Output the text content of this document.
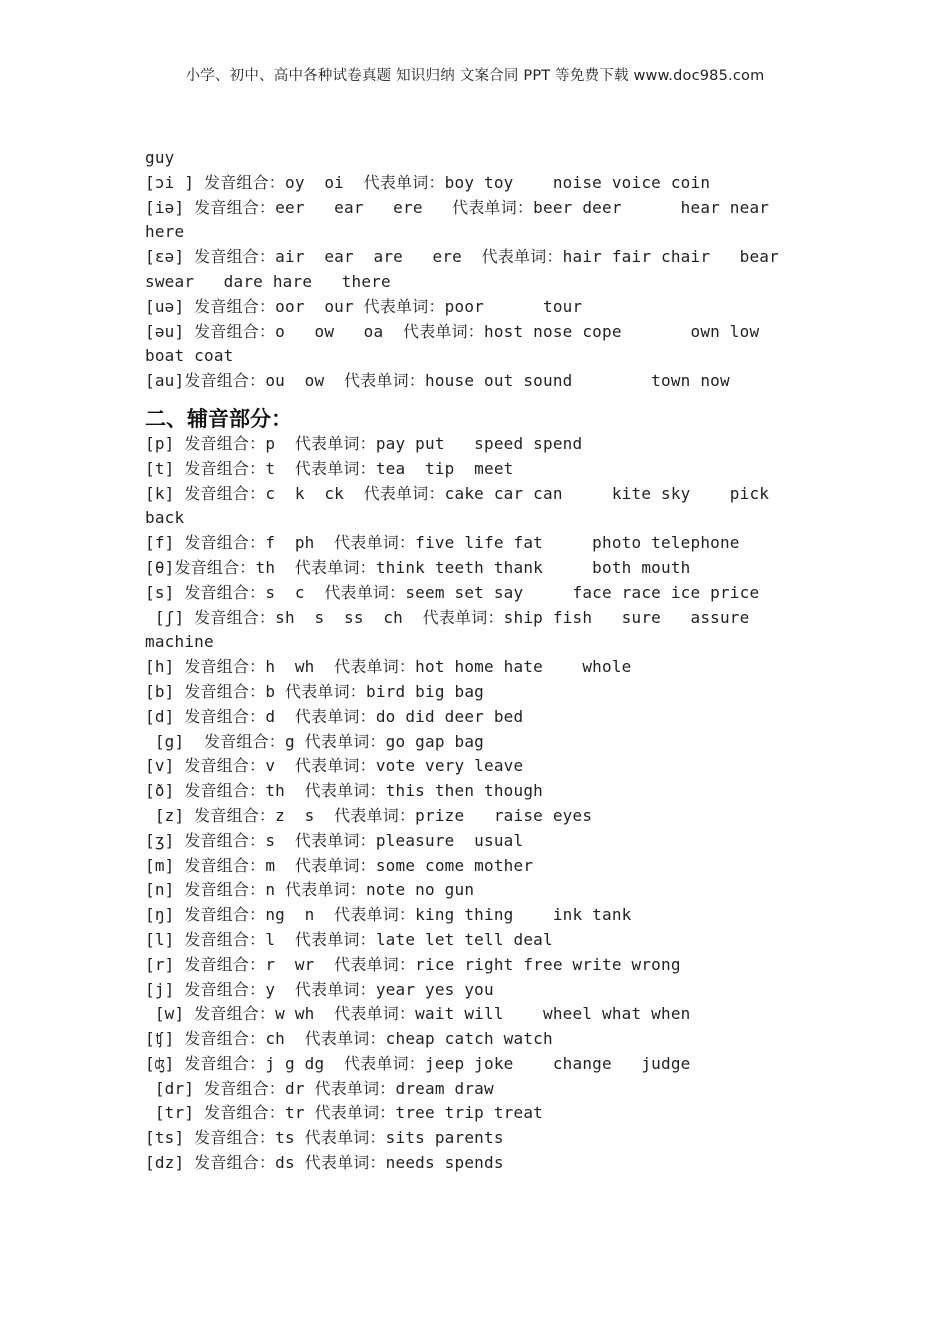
小学、初中、高中各种试卷真题 知识归纳 文案合同 PPT 等免费下载 www.doc985.com
guy
[ɔi ] 发音组合：oy  oi  代表单词：boy toy    noise voice coin
[iə] 发音组合：eer   ear   ere   代表单词：beer deer      hear near
here
[εə] 发音组合：air  ear  are   ere  代表单词：hair fair chair   bear
swear   dare hare   there
[uə] 发音组合：oor  our 代表单词：poor      tour
[əu] 发音组合：o   ow   oa  代表单词：host nose cope       own low
boat coat
[au]发音组合：ou  ow  代表单词：house out sound        town now
二、辅音部分：
[p] 发音组合：p  代表单词：pay put   speed spend
[t] 发音组合：t  代表单词：tea  tip  meet
[k] 发音组合：c  k  ck  代表单词：cake car can     kite sky    pick
back
[f] 发音组合：f  ph  代表单词：five life fat     photo telephone
[θ]发音组合：th  代表单词：think teeth thank     both mouth
[s] 发音组合：s  c  代表单词：seem set say     face race ice price
[ʃ] 发音组合：sh  s  ss  ch  代表单词：ship fish   sure   assure
machine
[h] 发音组合：h  wh  代表单词：hot home hate    whole
[b] 发音组合：b 代表单词：bird big bag
[d] 发音组合：d  代表单词：do did deer bed
[g]  发音组合：g 代表单词：go gap bag
[v] 发音组合：v  代表单词：vote very leave
[ð] 发音组合：th  代表单词：this then though
[z] 发音组合：z  s  代表单词：prize   raise eyes
[ʒ] 发音组合：s  代表单词：pleasure  usual
[m] 发音组合：m  代表单词：some come mother
[n] 发音组合：n 代表单词：note no gun
[ŋ] 发音组合：ng  n  代表单词：king thing    ink tank
[l] 发音组合：l  代表单词：late let tell deal
[r] 发音组合：r  wr  代表单词：rice right free write wrong
[j] 发音组合：y  代表单词：year yes you
[w] 发音组合：w wh  代表单词：wait will    wheel what when
[ʧ] 发音组合：ch  代表单词：cheap catch watch
[ʤ] 发音组合：j g dg  代表单词：jeep joke    change   judge
[dr] 发音组合：dr 代表单词：dream draw
[tr] 发音组合：tr 代表单词：tree trip treat
[ts] 发音组合：ts 代表单词：sits parents
[dz] 发音组合：ds 代表单词：needs spends
